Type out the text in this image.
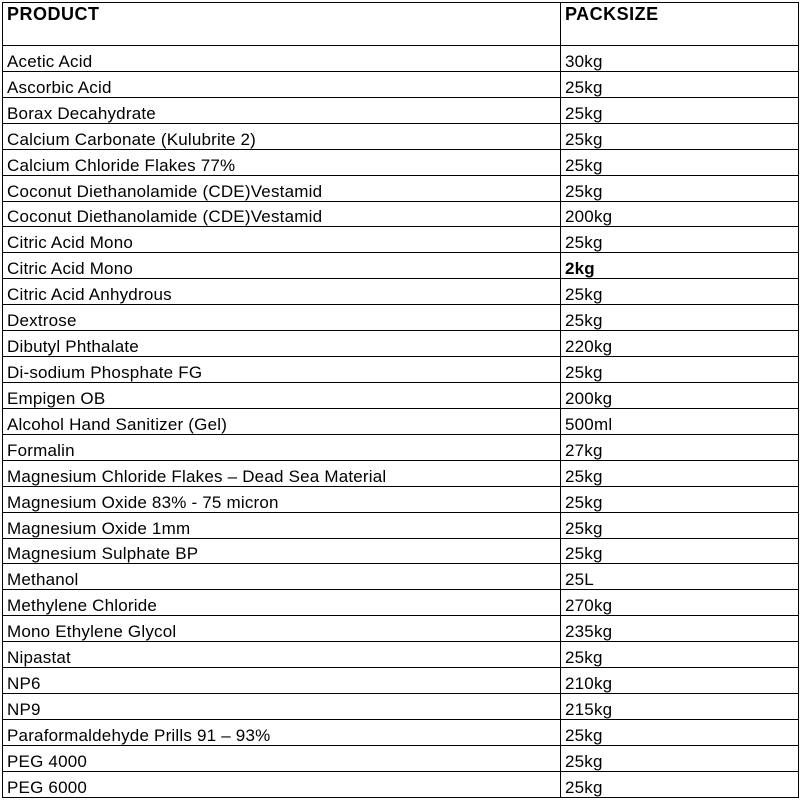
PRODUCT	PACKSIZE
Acetic Acid	30kg
Ascorbic Acid	25kg
Borax Decahydrate	25kg
Calcium Carbonate (Kulubrite 2)	25kg
Calcium Chloride Flakes 77%	25kg
Coconut Diethanolamide (CDE)Vestamid	25kg
Coconut Diethanolamide (CDE)Vestamid	200kg
Citric Acid Mono	25kg
Citric Acid Mono	2kg
Citric Acid Anhydrous	25kg
Dextrose	25kg
Dibutyl Phthalate	220kg
Di-sodium Phosphate FG	25kg
Empigen OB	200kg
Alcohol Hand Sanitizer (Gel)	500ml
Formalin	27kg
Magnesium Chloride Flakes – Dead Sea Material	25kg
Magnesium Oxide 83% - 75 micron	25kg
Magnesium Oxide 1mm	25kg
Magnesium Sulphate BP	25kg
Methanol	25L
Methylene Chloride	270kg
Mono Ethylene Glycol	235kg
Nipastat	25kg
NP6	210kg
NP9	215kg
Paraformaldehyde Prills 91 – 93%	25kg
PEG 4000	25kg
PEG 6000	25kg
